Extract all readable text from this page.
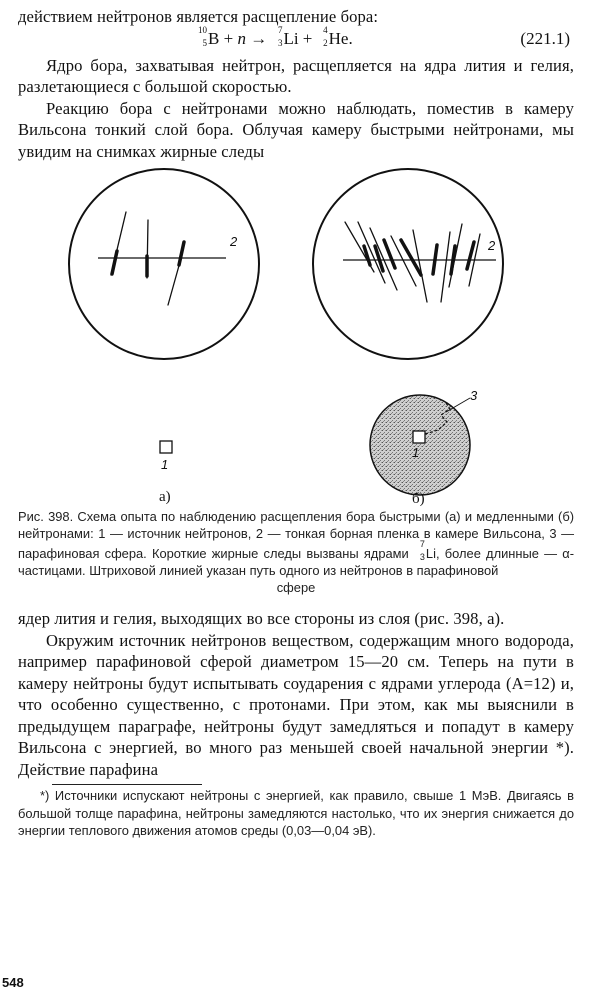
действием нейтронов является расщепление бора:

10
5 B + n → 7
3 Li + 4
2 He.	(221.1)

Ядро бора, захватывая нейтрон, расщепляется на ядра лития и гелия, разлетающиеся с большой скоростью.

Реакцию бора с нейтронами можно наблюдать, поместив в камеру Вильсона тонкий слой бора. Облучая камеру быстрыми нейтронами, мы увидим на снимках жирные следы

2	2
1
а)
3
1
б)

Рис. 398. Схема опыта по наблюдению расщепления бора быстрыми (а) и медленными (б) нейтронами: 1 — источник нейтронов, 2 — тонкая борная пленка в камере Вильсона, 3 — парафиновая сфера. Короткие жирные следы вызваны ядрами
7
3 Li, более длинные — α-частицами. Штриховой линией указан путь одного из нейтронов в парафиновой
сфере

ядер лития и гелия, выходящих во все стороны из слоя (рис. 398, а).

Окружим источник нейтронов веществом, содержащим много водорода, например парафиновой сферой диаметром 15—20 см. Теперь на пути в камеру нейтроны будут испытывать соударения с ядрами углерода (A=12) и, что особенно существенно, с протонами. При этом, как мы выяснили в предыдущем параграфе, нейтроны будут замедляться и попадут в камеру Вильсона с энергией, во много раз меньшей своей начальной энергии *). Действие парафина

*) Источники испускают нейтроны с энергией, как правило, свыше 1 МэВ. Двигаясь в большой толще парафина, нейтроны замедляются настолько, что их энергия снижается до энергии теплового движения атомов среды (0,03—0,04 эВ).

548
